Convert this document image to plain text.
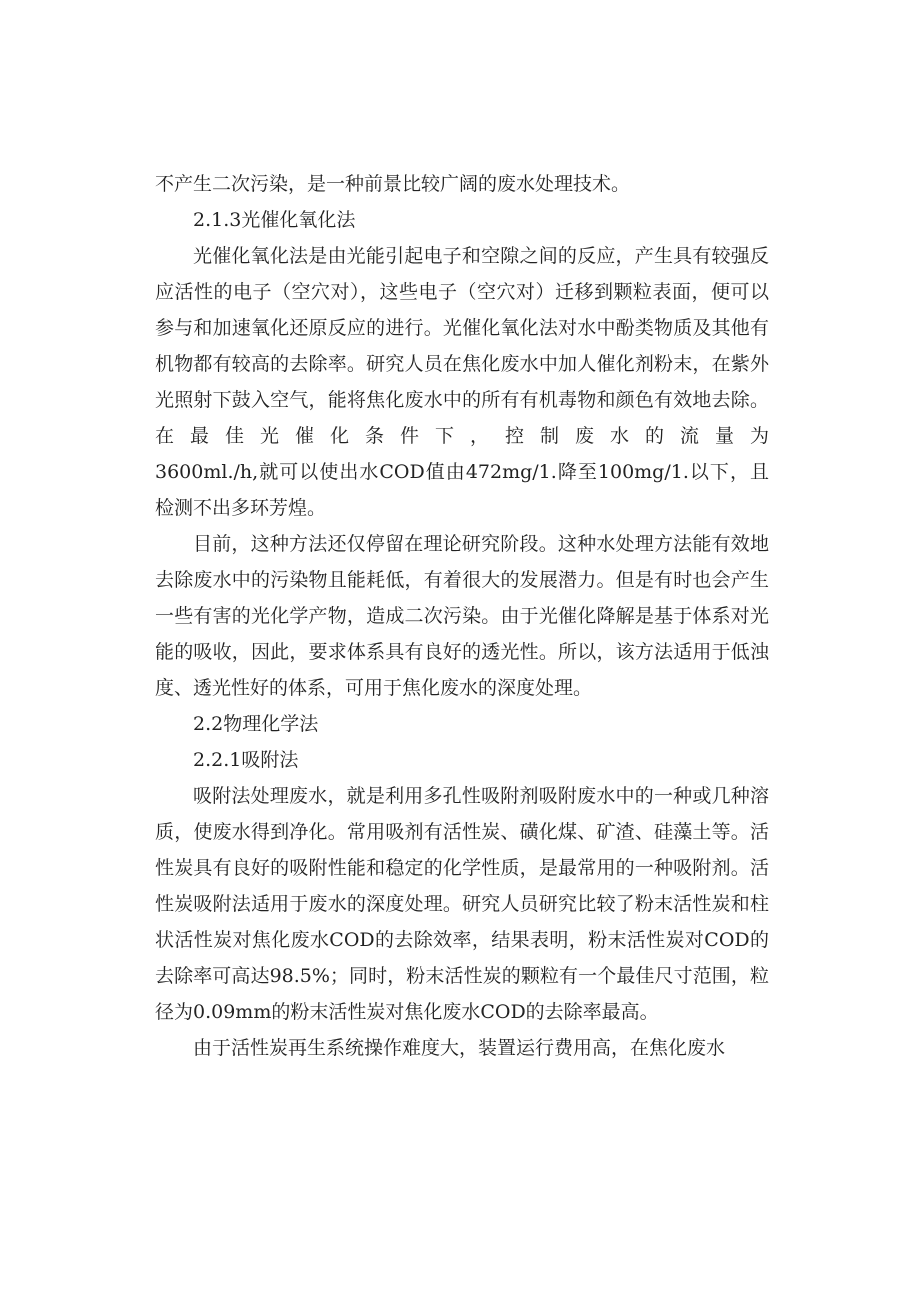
不产生二次污染，是一种前景比较广阔的废水处理技术。

2.1.3光催化氧化法

光催化氧化法是由光能引起电子和空隙之间的反应，产生具有较强反应活性的电子（空穴对），这些电子（空穴对）迁移到颗粒表面，便可以参与和加速氧化还原反应的进行。光催化氧化法对水中酚类物质及其他有机物都有较高的去除率。研究人员在焦化废水中加人催化剂粉末，在紫外光照射下鼓入空气，能将焦化废水中的所有有机毒物和颜色有效地去除。在最佳光催化条件下，控制废水的流量为

3600ml./h,就可以使出水COD值由472mg/1.降至100mg/1.以下，且检测不出多环芳煌。

目前，这种方法还仅停留在理论研究阶段。这种水处理方法能有效地去除废水中的污染物且能耗低，有着很大的发展潜力。但是有时也会产生一些有害的光化学产物，造成二次污染。由于光催化降解是基于体系对光能的吸收，因此，要求体系具有良好的透光性。所以，该方法适用于低浊度、透光性好的体系，可用于焦化废水的深度处理。

2.2物理化学法

2.2.1吸附法

吸附法处理废水，就是利用多孔性吸附剂吸附废水中的一种或几种溶质，使废水得到净化。常用吸剂有活性炭、磺化煤、矿渣、硅藻土等。活性炭具有良好的吸附性能和稳定的化学性质，是最常用的一种吸附剂。活性炭吸附法适用于废水的深度处理。研究人员研究比较了粉末活性炭和柱状活性炭对焦化废水COD的去除效率，结果表明，粉末活性炭对COD的去除率可高达98.5%；同时，粉末活性炭的颗粒有一个最佳尺寸范围，粒径为0.09mm的粉末活性炭对焦化废水COD的去除率最高。

由于活性炭再生系统操作难度大，装置运行费用高，在焦化废水
